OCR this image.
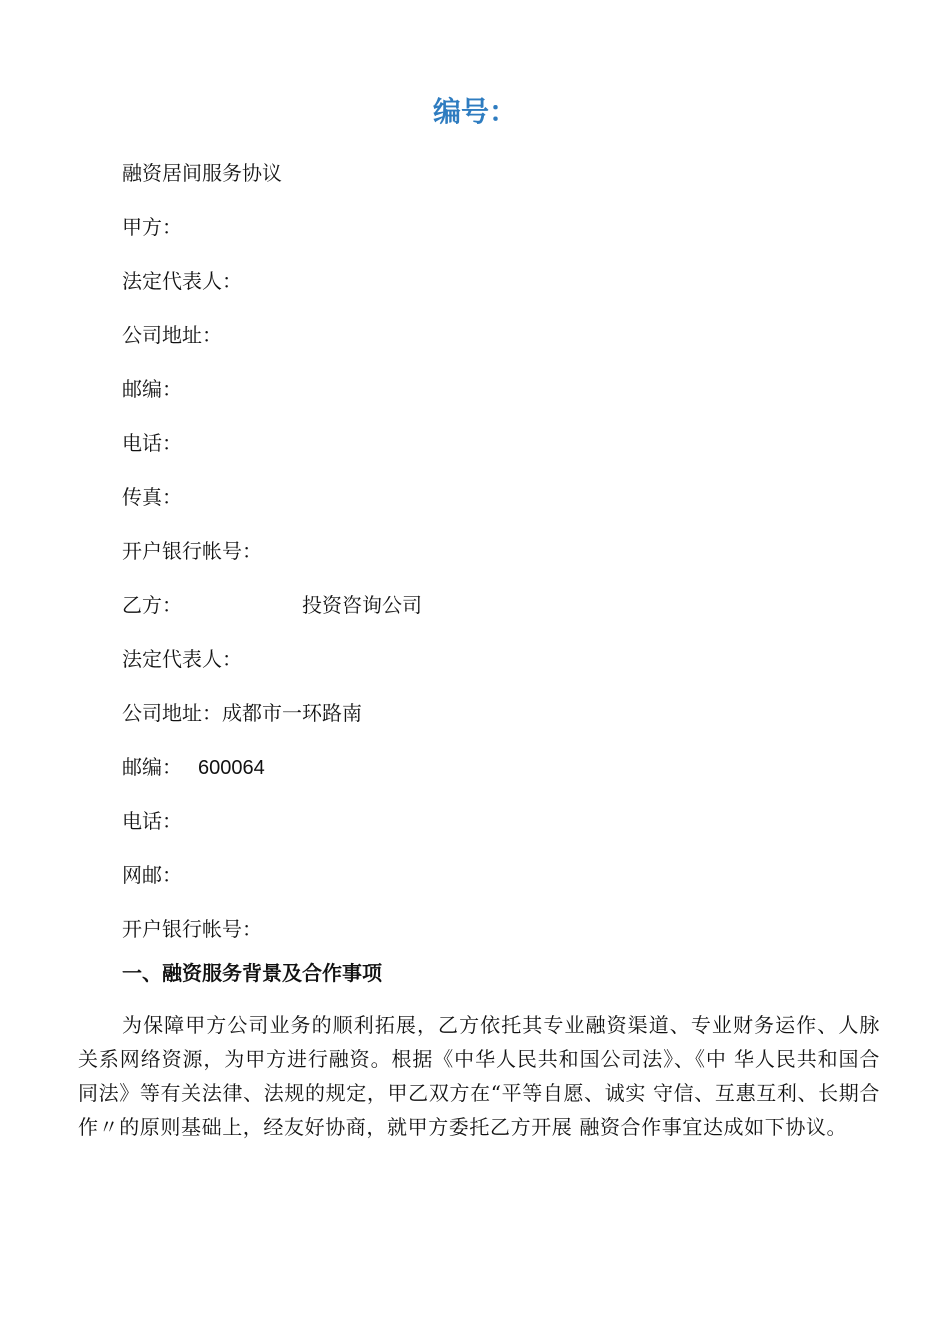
编号：
融资居间服务协议
甲方：
法定代表人：
公司地址：
邮编：
电话：
传真：
开户银行帐号：
乙方：	投资咨询公司
法定代表人：
公司地址：成都市一环路南
邮编： 600064
电话：
网邮：
开户银行帐号：
一、融资服务背景及合作事项
为保障甲方公司业务的顺利拓展，乙方依托其专业融资渠道、专业财务运作、人脉关系网络资源，为甲方进行融资。根据《中华人民共和国公司法》、《中 华人民共和国合同法》等有关法律、法规的规定，甲乙双方在“平等自愿、诚实 守信、互惠互利、长期合作〃的原则基础上，经友好协商，就甲方委托乙方开展 融资合作事宜达成如下协议。
